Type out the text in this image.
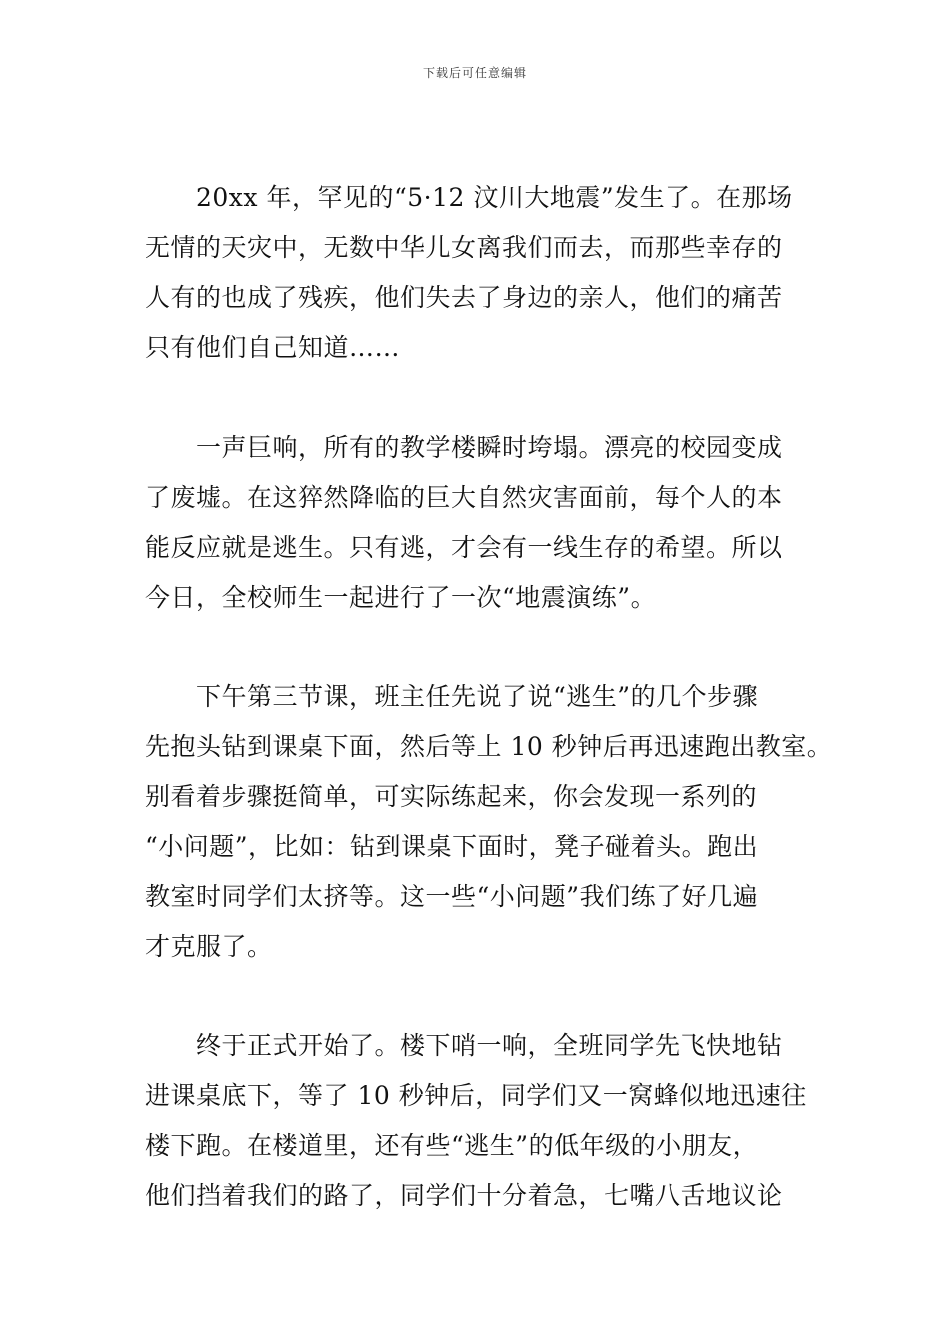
下载后可任意编辑
20xx 年，罕见的“5·12 汶川大地震”发生了。在那场
无情的天灾中，无数中华儿女离我们而去，而那些幸存的
人有的也成了残疾，他们失去了身边的亲人，他们的痛苦
只有他们自己知道……
一声巨响，所有的教学楼瞬时垮塌。漂亮的校园变成
了废墟。在这猝然降临的巨大自然灾害面前，每个人的本
能反应就是逃生。只有逃，才会有一线生存的希望。所以
今日，全校师生一起进行了一次“地震演练”。
下午第三节课，班主任先说了说“逃生”的几个步骤
先抱头钻到课桌下面，然后等上 10 秒钟后再迅速跑出教室。
别看着步骤挺简单，可实际练起来，你会发现一系列的
“小问题”，比如：钻到课桌下面时，凳子碰着头。跑出
教室时同学们太挤等。这一些“小问题”我们练了好几遍
才克服了。
终于正式开始了。楼下哨一响，全班同学先飞快地钻
进课桌底下，等了 10 秒钟后，同学们又一窝蜂似地迅速往
楼下跑。在楼道里，还有些“逃生”的低年级的小朋友，
他们挡着我们的路了，同学们十分着急，七嘴八舌地议论
